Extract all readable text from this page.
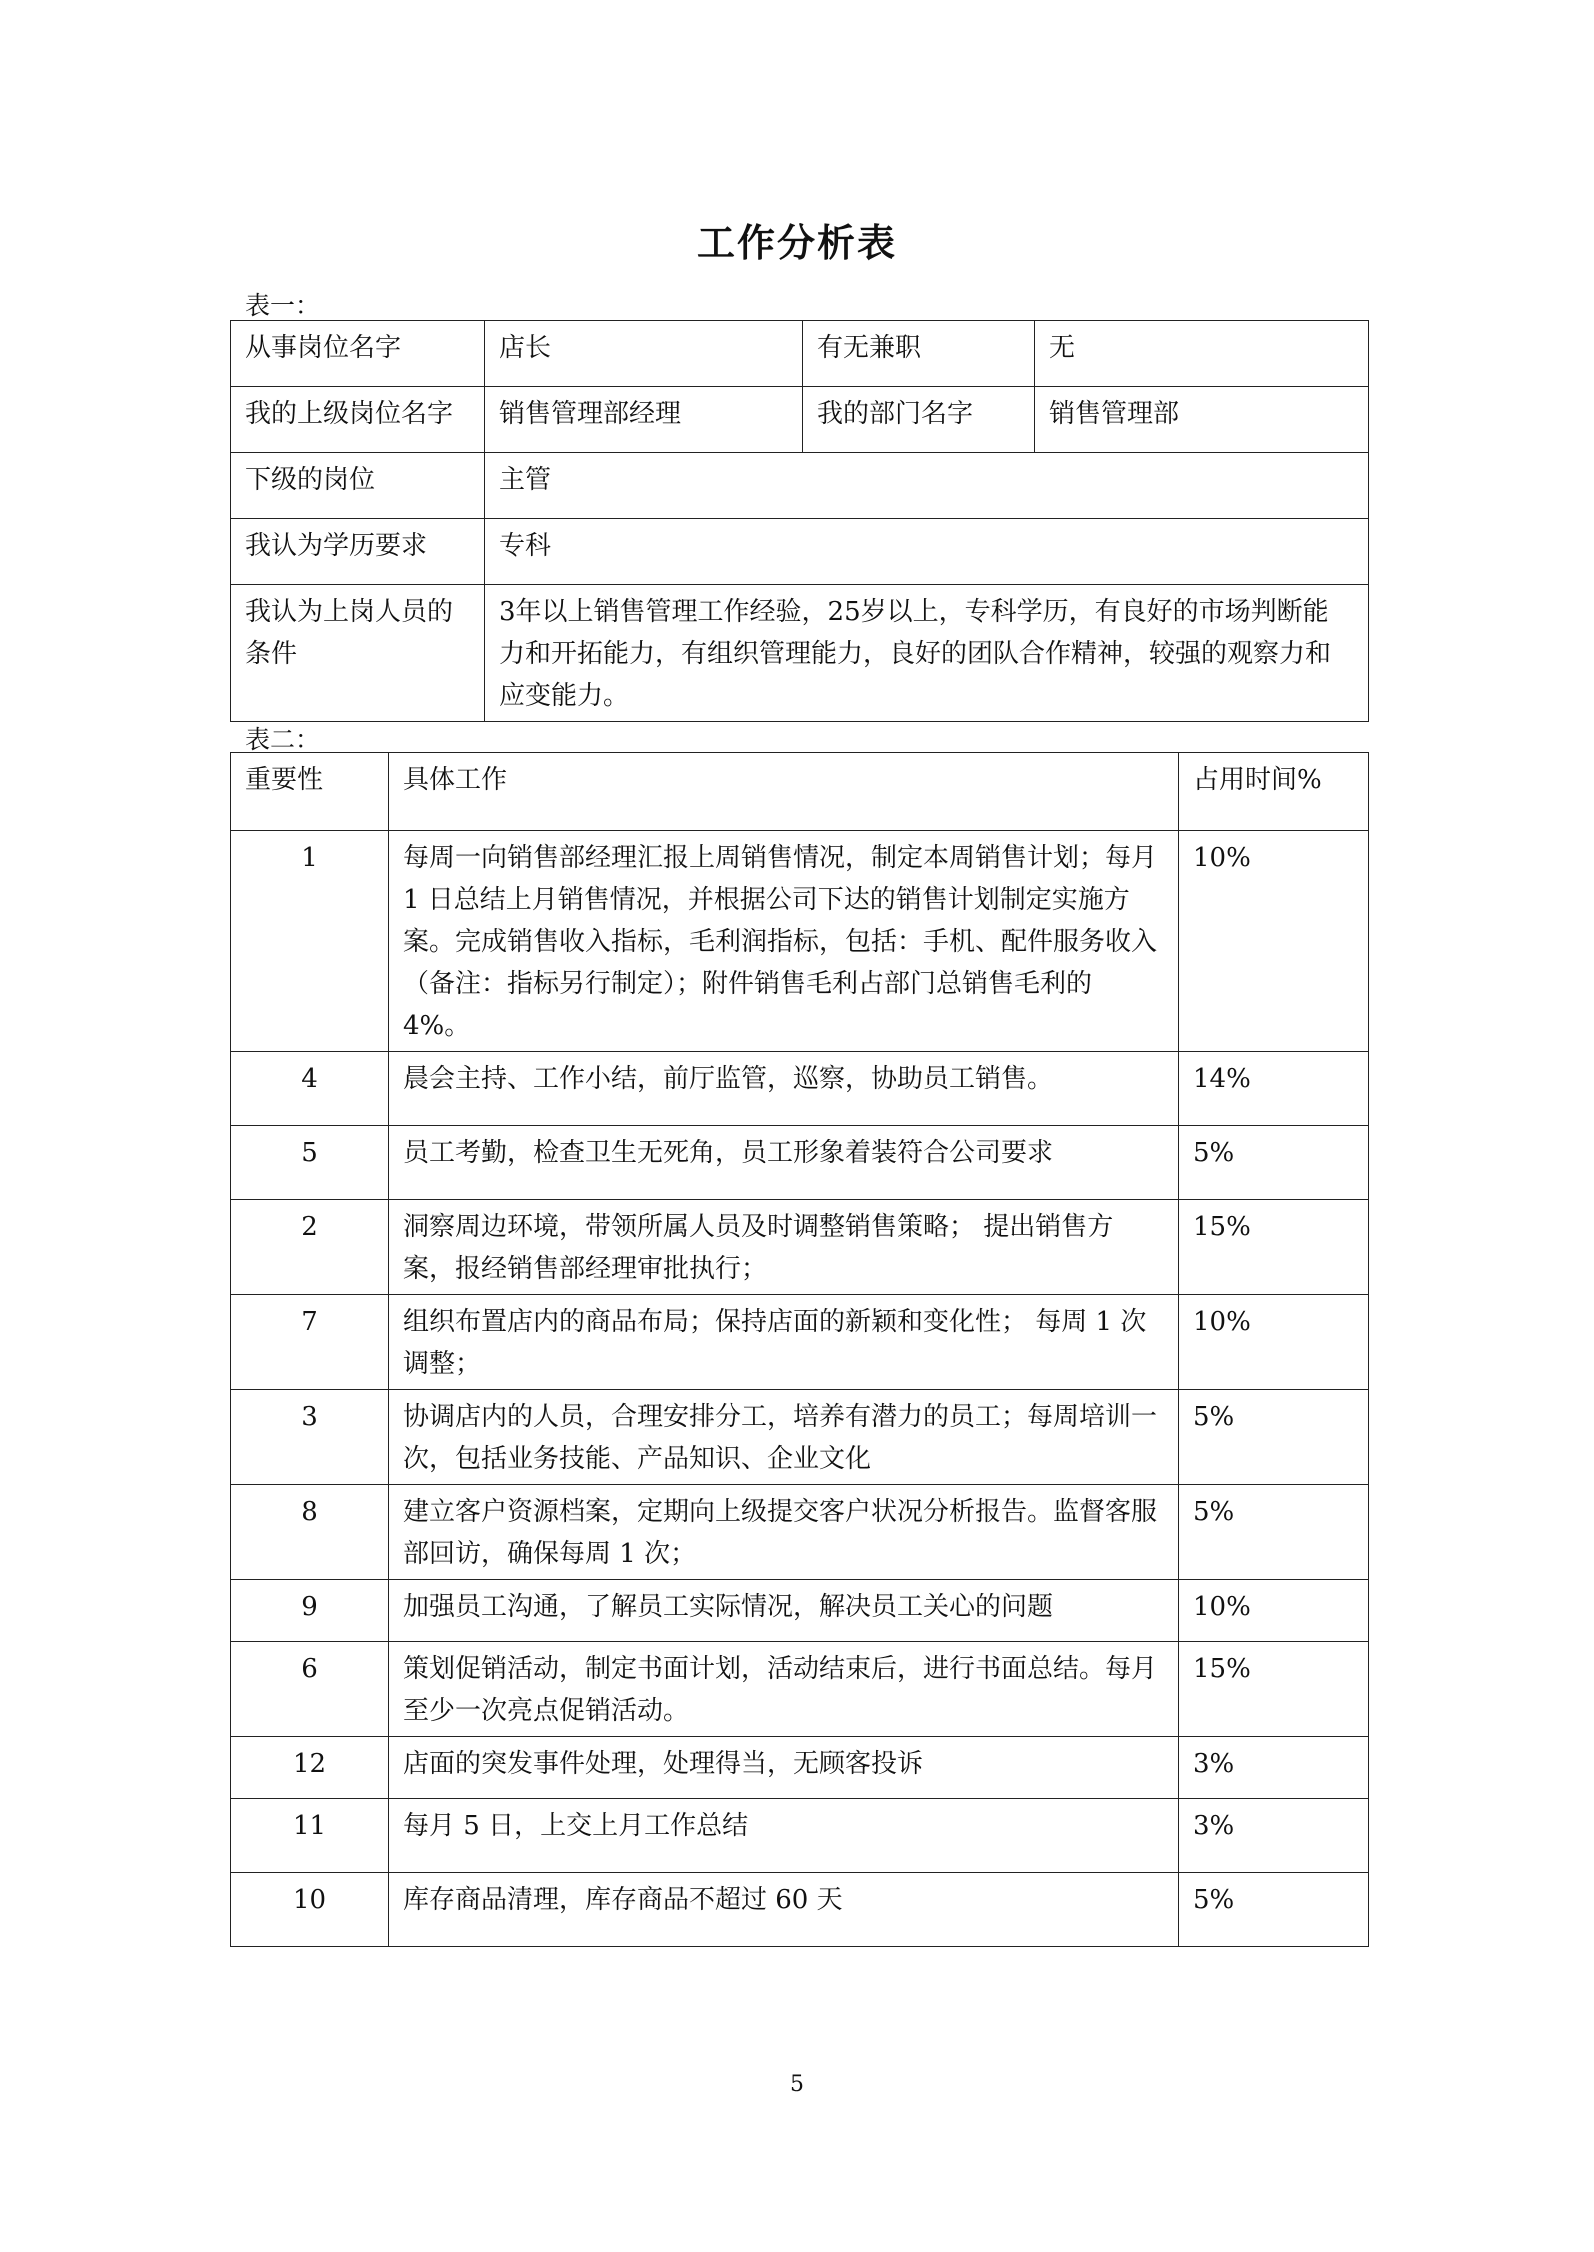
工作分析表
表一：
从事岗位名字	店长	有无兼职	无
我的上级岗位名字	销售管理部经理	我的部门名字	销售管理部
下级的岗位	主管		
我认为学历要求	专科		
我认为上岗人员的条件	3年以上销售管理工作经验，25岁以上，专科学历，有良好的市场判断能力和开拓能力，有组织管理能力，良好的团队合作精神，较强的观察力和应变能力。		
表二：
重要性	具体工作	占用时间%
1	每周一向销售部经理汇报上周销售情况，制定本周销售计划；每月 1 日总结上月销售情况，并根据公司下达的销售计划制定实施方案。完成销售收入指标，毛利润指标，包括：手机、配件服务收入（备注：指标另行制定）；附件销售毛利占部门总销售毛利的 4%。	10%
4	晨会主持、工作小结，前厅监管，巡察，协助员工销售。	14%
5	员工考勤，检查卫生无死角，员工形象着装符合公司要求	5%
2	洞察周边环境，带领所属人员及时调整销售策略； 提出销售方案，报经销售部经理审批执行；	15%
7	组织布置店内的商品布局；保持店面的新颖和变化性； 每周 1 次调整；	10%
3	协调店内的人员，合理安排分工，培养有潜力的员工；每周培训一次，包括业务技能、产品知识、企业文化	5%
8	建立客户资源档案，定期向上级提交客户状况分析报告。监督客服部回访，确保每周 1 次；	5%
9	加强员工沟通，了解员工实际情况，解决员工关心的问题	10%
6	策划促销活动，制定书面计划，活动结束后，进行书面总结。每月至少一次亮点促销活动。	15%
12	店面的突发事件处理，处理得当，无顾客投诉	3%
11	每月 5 日，上交上月工作总结	3%
10	库存商品清理，库存商品不超过 60 天	5%
5
